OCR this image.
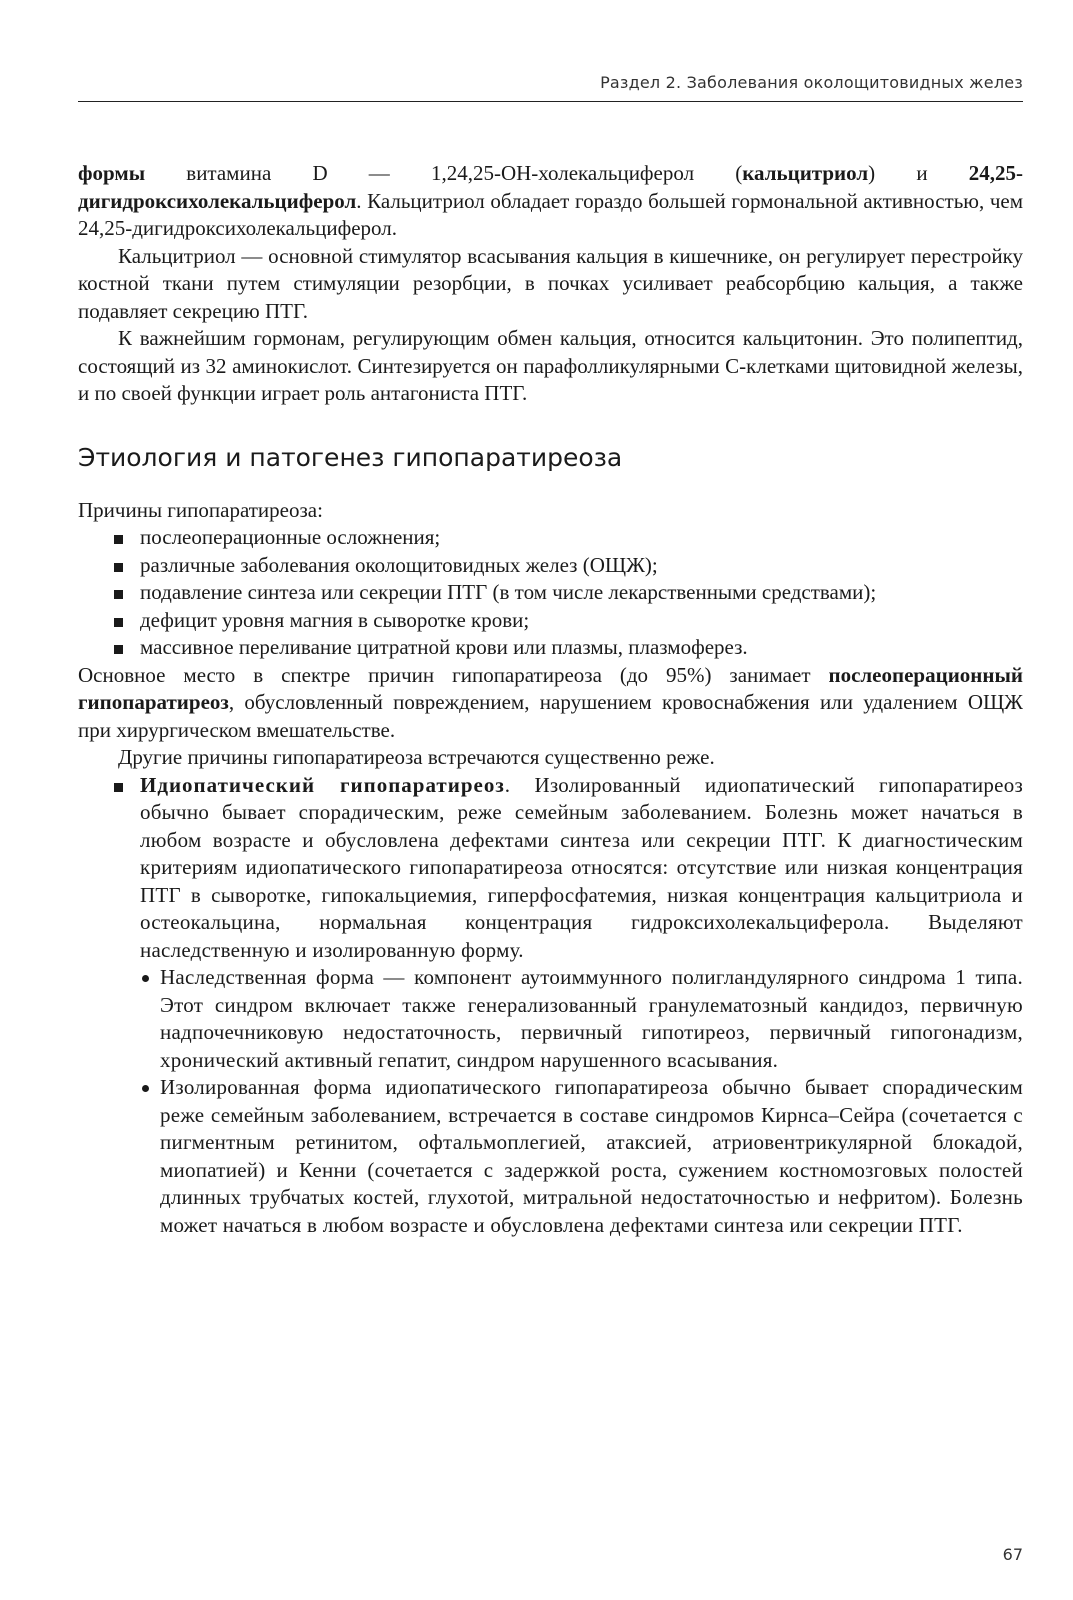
Раздел 2. Заболевания околощитовидных желез

формы витамина D — 1,24,25-ОН-холекальциферол (кальцитриол) и 24,25-дигидроксихолекальциферол. Кальцитриол обладает гораздо большей гормональной активностью, чем 24,25-дигидроксихолекальциферол.

Кальцитриол — основной стимулятор всасывания кальция в кишечнике, он регулирует перестройку костной ткани путем стимуляции резорбции, в почках усиливает реабсорбцию кальция, а также подавляет секрецию ПТГ.

К важнейшим гормонам, регулирующим обмен кальция, относится кальцитонин. Это полипептид, состоящий из 32 аминокислот. Синтезируется он парафолликулярными С-клетками щитовидной железы, и по своей функции играет роль антагониста ПТГ.

Этиология и патогенез гипопаратиреоза

Причины гипопаратиреоза:

послеоперационные осложнения;
различные заболевания околощитовидных желез (ОЩЖ);
подавление синтеза или секреции ПТГ (в том числе лекарственными средствами);
дефицит уровня магния в сыворотке крови;
массивное переливание цитратной крови или плазмы, плазмоферез.

Основное место в спектре причин гипопаратиреоза (до 95%) занимает послеоперационный гипопаратиреоз, обусловленный повреждением, нарушением кровоснабжения или удалением ОЩЖ при хирургическом вмешательстве.

Другие причины гипопаратиреоза встречаются существенно реже.

Идиопатический гипопаратиреоз. Изолированный идиопатический гипопаратиреоз обычно бывает спорадическим, реже семейным заболеванием. Болезнь может начаться в любом возрасте и обусловлена дефектами синтеза или секреции ПТГ. К диагностическим критериям идиопатического гипопаратиреоза относятся: отсутствие или низкая концентрация ПТГ в сыворотке, гипокальциемия, гиперфосфатемия, низкая концентрация кальцитриола и остеокальцина, нормальная концентрация гидроксихолекальциферола. Выделяют наследственную и изолированную форму.

Наследственная форма — компонент аутоиммунного полигландулярного синдрома 1 типа. Этот синдром включает также генерализованный гранулематозный кандидоз, первичную надпочечниковую недостаточность, первичный гипотиреоз, первичный гипогонадизм, хронический активный гепатит, синдром нарушенного всасывания.
Изолированная форма идиопатического гипопаратиреоза обычно бывает спорадическим реже семейным заболеванием, встречается в составе синдромов Кирнса–Сейра (сочетается с пигментным ретинитом, офтальмоплегией, атаксией, атриовентрикулярной блокадой, миопатией) и Кенни (сочетается с задержкой роста, сужением костномозговых полостей длинных трубчатых костей, глухотой, митральной недостаточностью и нефритом). Болезнь может начаться в любом возрасте и обусловлена дефектами синтеза или секреции ПТГ.
67
